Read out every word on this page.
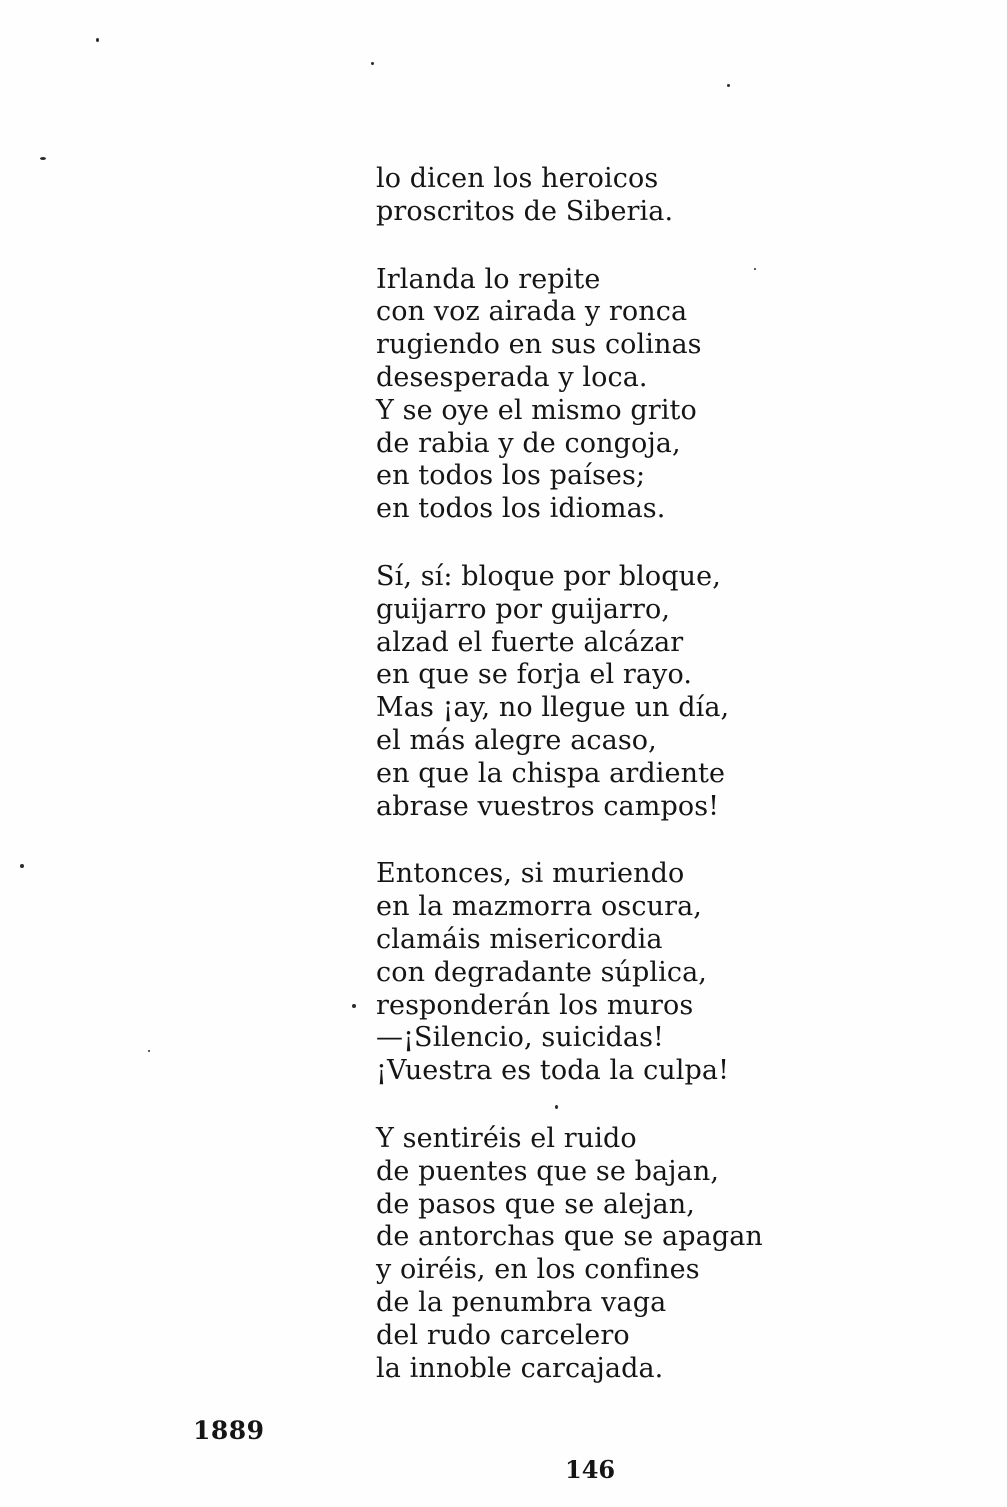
lo dicen los heroicos
proscritos de Siberia.
Irlanda lo repite
con voz airada y ronca
rugiendo en sus colinas
desesperada y loca.
Y se oye el mismo grito
de rabia y de congoja,
en todos los países;
en todos los idiomas.
Sí, sí: bloque por bloque,
guijarro por guijarro,
alzad el fuerte alcázar
en que se forja el rayo.
Mas ¡ay, no llegue un día,
el más alegre acaso,
en que la chispa ardiente
abrase vuestros campos!
Entonces, si muriendo
en la mazmorra oscura,
clamáis misericordia
con degradante súplica,
responderán los muros
—¡Silencio, suicidas!
¡Vuestra es toda la culpa!
Y sentiréis el ruido
de puentes que se bajan,
de pasos que se alejan,
de antorchas que se apagan
y oiréis, en los confines
de la penumbra vaga
del rudo carcelero
la innoble carcajada.
1889
146
